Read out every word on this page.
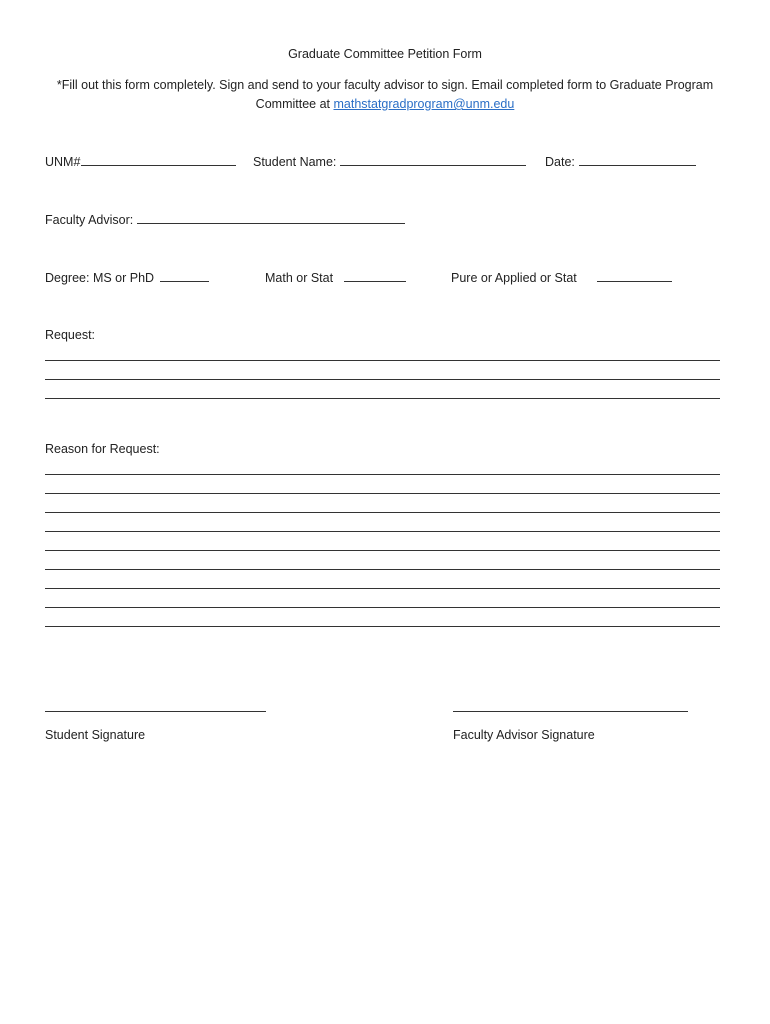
Graduate Committee Petition Form
*Fill out this form completely. Sign and send to your faculty advisor to sign. Email completed form to Graduate Program Committee at mathstatgradprogram@unm.edu
UNM#	Student Name:	Date:
Faculty Advisor:
Degree: MS or PhD	Math or Stat	Pure or Applied or Stat
Request:
Reason for Request:
Student Signature	Faculty Advisor Signature
